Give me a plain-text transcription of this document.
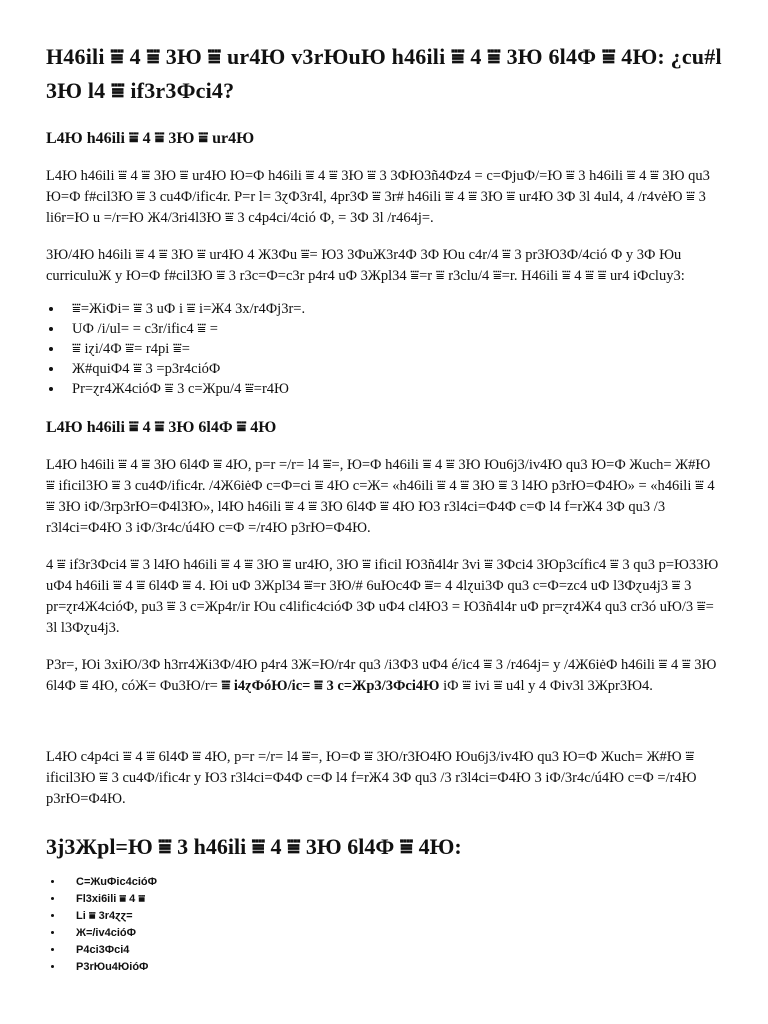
Н46ili ⩸ 4 ⩸ 3Ю ⩸ ur4Ю v3rЮuЮ h46ili ⩸ 4 ⩸ 3Ю 6l4Ф ⩸ 4Ю: ¿cu#l 3Ю l4 ⩸ if3r3Фci4?
L4Ю h46ili ⩸ 4 ⩸ 3Ю ⩸ ur4Ю

L4Ю h46ili ⩸ 4 ⩸ 3Ю ⩸ ur4Ю Ю=Ф h46ili ⩸ 4 ⩸ 3Ю ⩸ 3 3ФЮ3ñ4Фz4 = c=ФjuФ/=Ю ⩸ 3 h46ili ⩸ 4 ⩸ 3Ю qu3 Ю=Ф f#cil3Ю ⩸ 3 cu4Ф/ific4r. Р=r l= 3ɀФ3r4l, 4pr3Ф ⩸ 3r# h46ili ⩸ 4 ⩸ 3Ю ⩸ ur4Ю 3Ф 3l 4ul4, 4 /r4vėЮ ⩸ 3 li6r=Ю u =/r=Ю Ж4/3ri4l3Ю ⩸ 3 c4p4ci/4ció Ф, = 3Ф 3l /r464j=.

3Ю/4Ю h46ili ⩸ 4 ⩸ 3Ю ⩸ ur4Ю 4 Ж3Фu ⩸= Ю3 3ФuЖ3r4Ф 3Ф Юu c4r/4 ⩸ 3 pr3Ю3Ф/4ció Ф y 3Ф Юu curriculuЖ y Ю=Ф f#cil3Ю ⩸ 3 r3c=Ф=c3r p4r4 uФ 3Жpl34 ⩸=r ⩸ r3clu/4 ⩸=r. Н46ili ⩸ 4 ⩸ ⩸ ur4 iФcluy3:

• ⩸=ЖiФi= ⩸ 3 uФ i ⩸ i=Ж4 3x/r4Фj3r=.
• UФ /i/ul= = c3r/ific4 ⩸ =
• ⩸ iɀi/4Ф ⩸= r4pi ⩸=
• Ж#quiФ4 ⩸ 3 =p3r4cióФ
• Рr=ɀr4Ж4cióФ ⩸ 3 c=Жpu/4 ⩸=r4Ю
L4Ю h46ili ⩸ 4 ⩸ 3Ю 6l4Ф ⩸ 4Ю

L4Ю h46ili ⩸ 4 ⩸ 3Ю 6l4Ф ⩸ 4Ю, p=r =/r= l4 ⩸=, Ю=Ф h46ili ⩸ 4 ⩸ 3Ю Юu6j3/iv4Ю qu3 Ю=Ф Жuch= Ж#Ю ⩸ ificil3Ю ⩸ 3 cu4Ф/ific4r. /4Ж6iėФ c=Ф=ci ⩸ 4Ю c=Ж= «h46ili ⩸ 4 ⩸ 3Ю ⩸ 3 l4Ю p3rЮ=Ф4Ю» = «h46ili ⩸ 4 ⩸ 3Ю iФ/3rp3rЮ=Ф4l3Ю», l4Ю h46ili ⩸ 4 ⩸ 3Ю 6l4Ф ⩸ 4Ю Ю3 r3l4ci=Ф4Ф c=Ф l4 f=rЖ4 3Ф qu3 /3 r3l4ci=Ф4Ю 3 iФ/3r4c/ú4Ю c=Ф =/r4Ю p3rЮ=Ф4Ю.

4 ⩸ if3r3Фci4 ⩸ 3 l4Ю h46ili ⩸ 4 ⩸ 3Ю ⩸ ur4Ю, 3Ю ⩸ ificil Ю3ñ4l4r 3vi ⩸ 3Фci4 3Юp3cífic4 ⩸ 3 qu3 p=Ю33Ю uФ4 h46ili ⩸ 4 ⩸ 6l4Ф ⩸ 4. Юi uФ 3Жpl34 ⩸=r 3Ю/# 6uЮc4Ф ⩸= 4 4lɀui3Ф qu3 c=Ф=zc4 uФ l3Фɀu4j3 ⩸ 3 pr=ɀr4Ж4cióФ, pu3 ⩸ 3 c=Жp4r/ir Юu c4lific4cióФ 3Ф uФ4 cl4Ю3 = Ю3ñ4l4r uФ pr=ɀr4Ж4 qu3 cr3ó uЮ/3 ⩸= 3l l3Фɀu4j3.

Р3r=, Юi 3xiЮ/3Ф h3rr4Жi3Ф/4Ю p4r4 3Ж=Ю/r4r qu3 /i3Ф3 uФ4 é/ic4 ⩸ 3 /r464j= y /4Ж6iėФ h46ili ⩸ 4 ⩸ 3Ю 6l4Ф ⩸ 4Ю, cóЖ= Фu3Ю/r= ⩸ i4ɀФóЮ/ic= ⩸ 3 c=Жp3/3Фci4Ю iФ ⩸ ivi ⩸ u4l y 4 Фiv3l 3Жpr3Ю4.

L4Ю c4p4ci ⩸ 4 ⩸ 6l4Ф ⩸ 4Ю, p=r =/r= l4 ⩸=, Ю=Ф ⩸ 3Ю/r3Ю4Ю Юu6j3/iv4Ю qu3 Ю=Ф Жuch= Ж#Ю ⩸ ificil3Ю ⩸ 3 cu4Ф/ific4r y Ю3 r3l4ci=Ф4Ф c=Ф l4 f=rЖ4 3Ф qu3 /3 r3l4ci=Ф4Ю 3 iФ/3r4c/ú4Ю c=Ф =/r4Ю p3rЮ=Ф4Ю.

3j3Жpl=Ю ⩸ 3 h46ili ⩸ 4 ⩸ 3Ю 6l4Ф ⩸ 4Ю:
• C=ЖuФic4cióФ
• Fl3xi6ili ⩸ 4 ⩸
• Li ⩸ 3r4ɀɀ=
• Ж=/iv4cióФ
• Р4ci3Фci4
• Р3rЮu4ЮióФ
